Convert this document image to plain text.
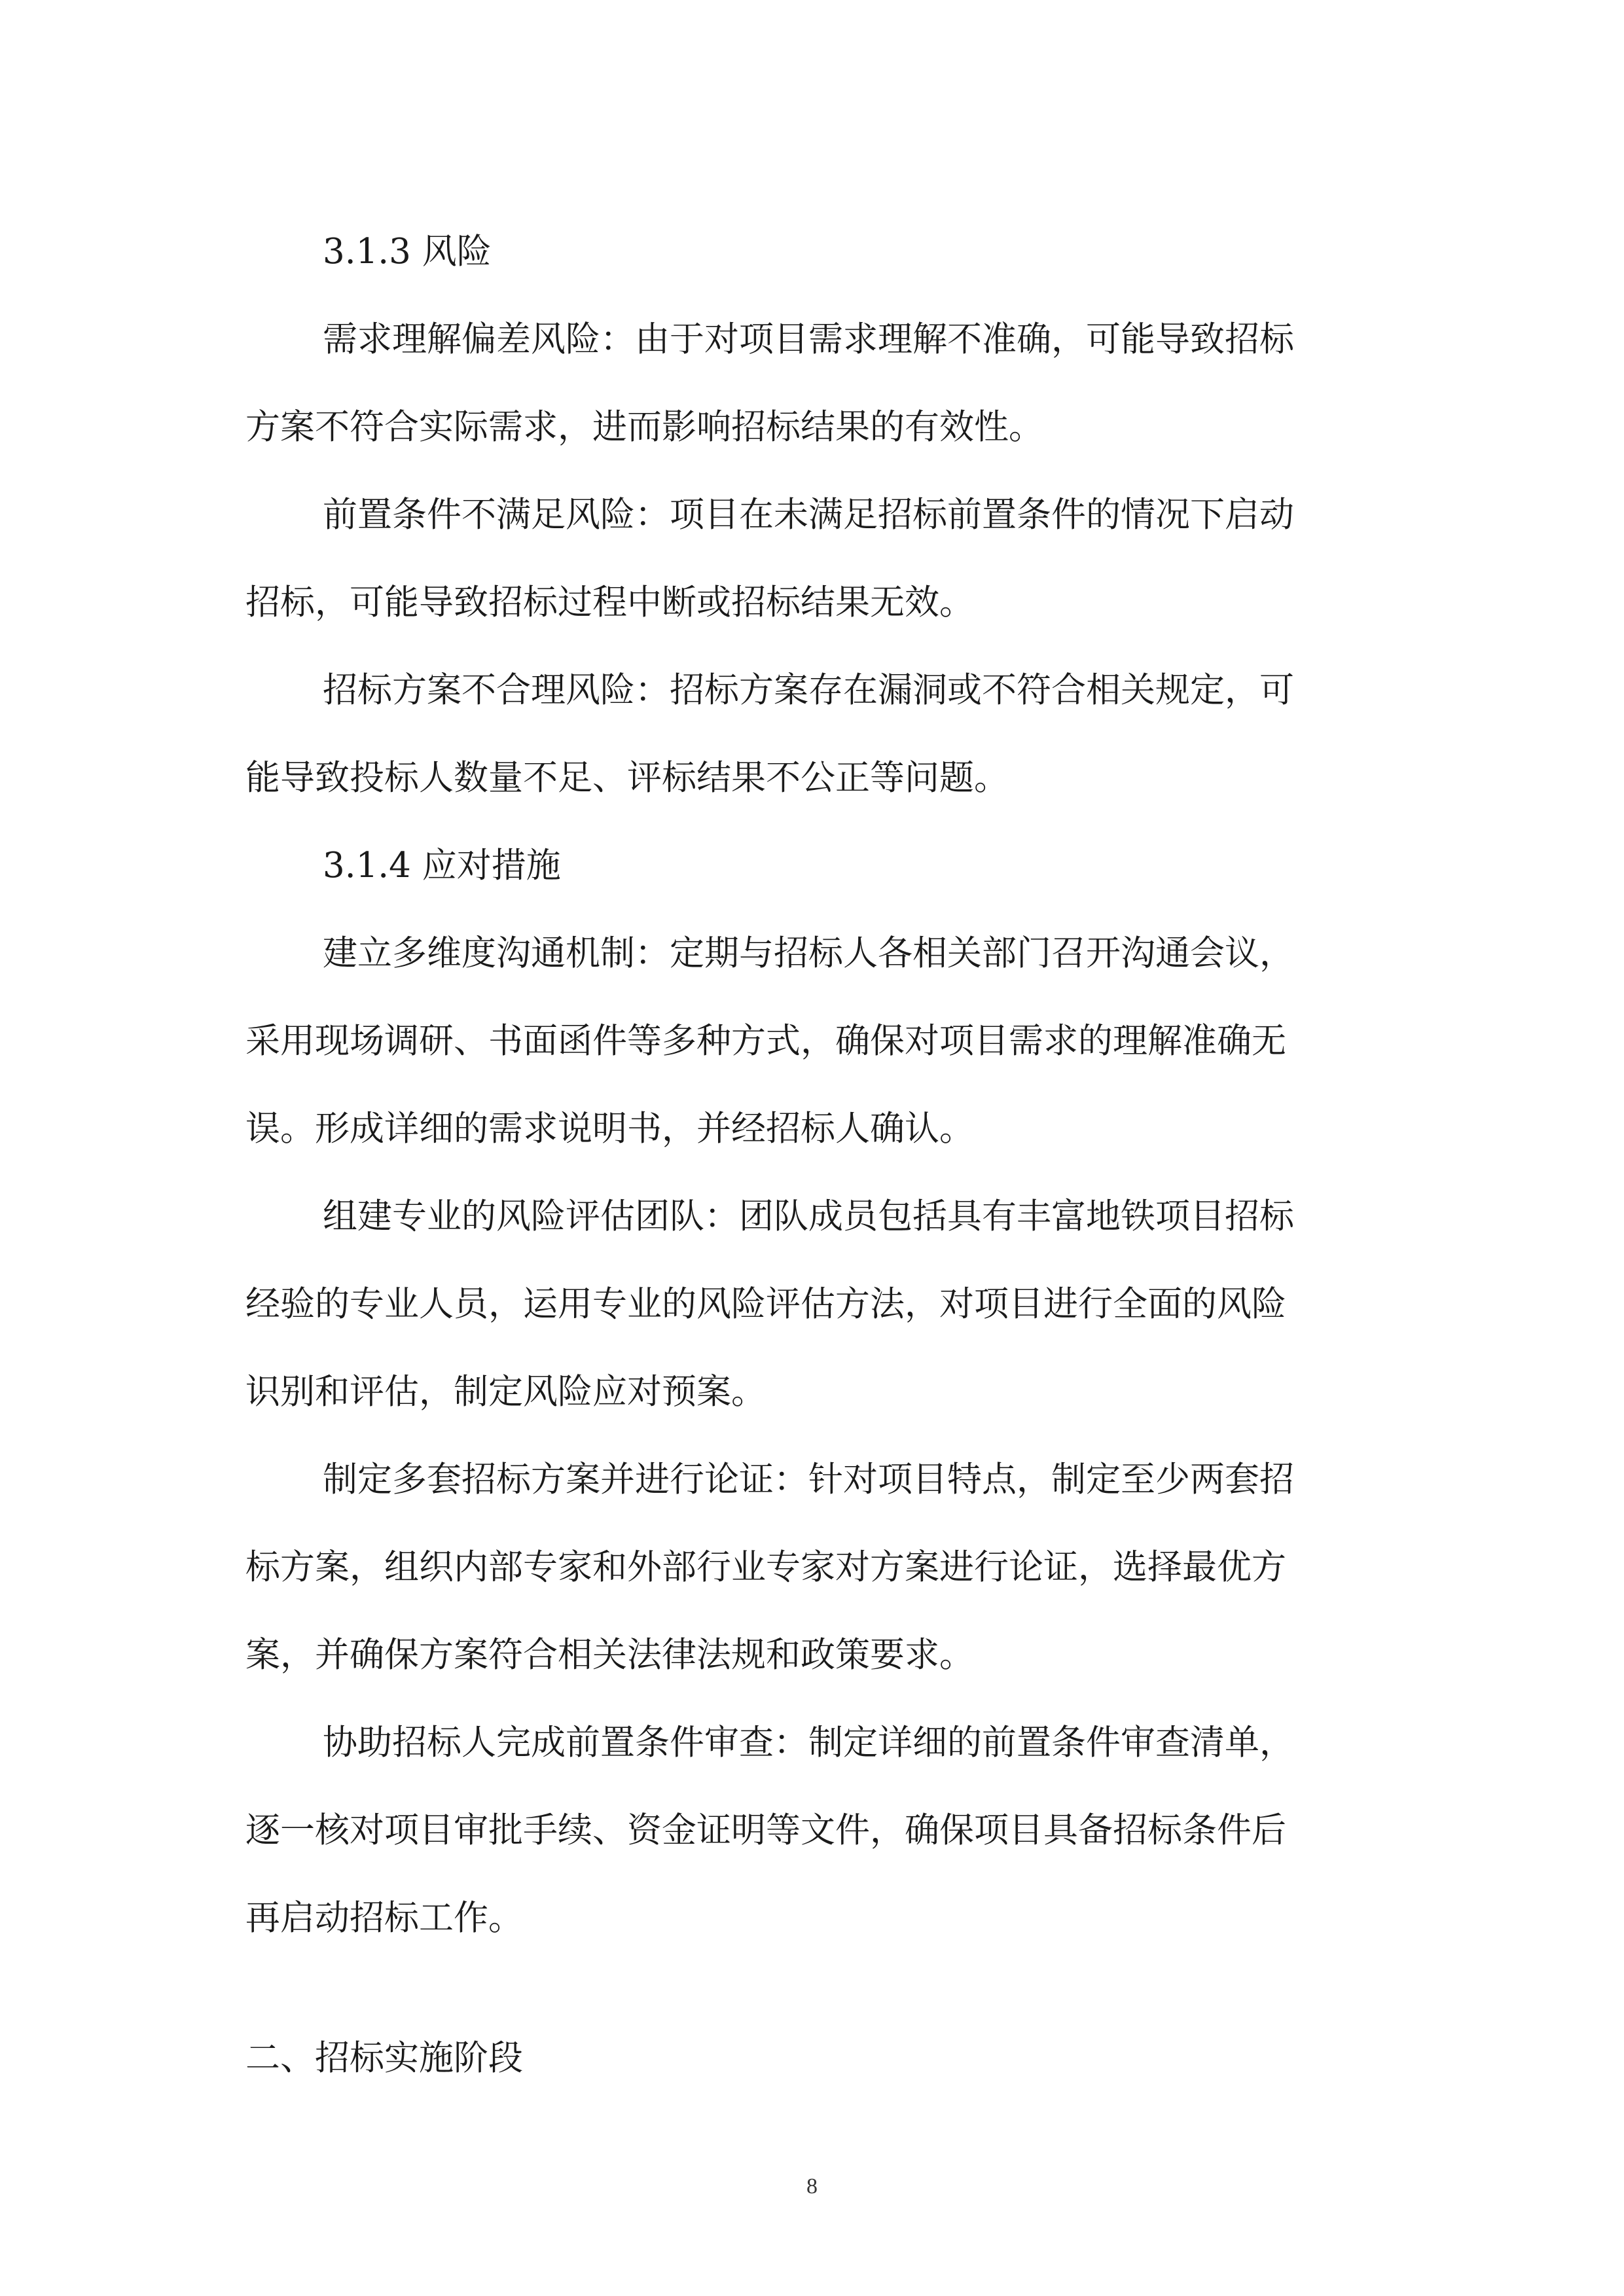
3.1.3 风险
需求理解偏差风险：由于对项目需求理解不准确，可能导致招标
方案不符合实际需求，进而影响招标结果的有效性。
前置条件不满足风险：项目在未满足招标前置条件的情况下启动
招标，可能导致招标过程中断或招标结果无效。
招标方案不合理风险：招标方案存在漏洞或不符合相关规定，可
能导致投标人数量不足、评标结果不公正等问题。
3.1.4 应对措施
建立多维度沟通机制：定期与招标人各相关部门召开沟通会议，
采用现场调研、书面函件等多种方式，确保对项目需求的理解准确无
误。形成详细的需求说明书，并经招标人确认。
组建专业的风险评估团队：团队成员包括具有丰富地铁项目招标
经验的专业人员，运用专业的风险评估方法，对项目进行全面的风险
识别和评估，制定风险应对预案。
制定多套招标方案并进行论证：针对项目特点，制定至少两套招
标方案，组织内部专家和外部行业专家对方案进行论证，选择最优方
案，并确保方案符合相关法律法规和政策要求。
协助招标人完成前置条件审查：制定详细的前置条件审查清单，
逐一核对项目审批手续、资金证明等文件，确保项目具备招标条件后
再启动招标工作。
二、招标实施阶段
8
